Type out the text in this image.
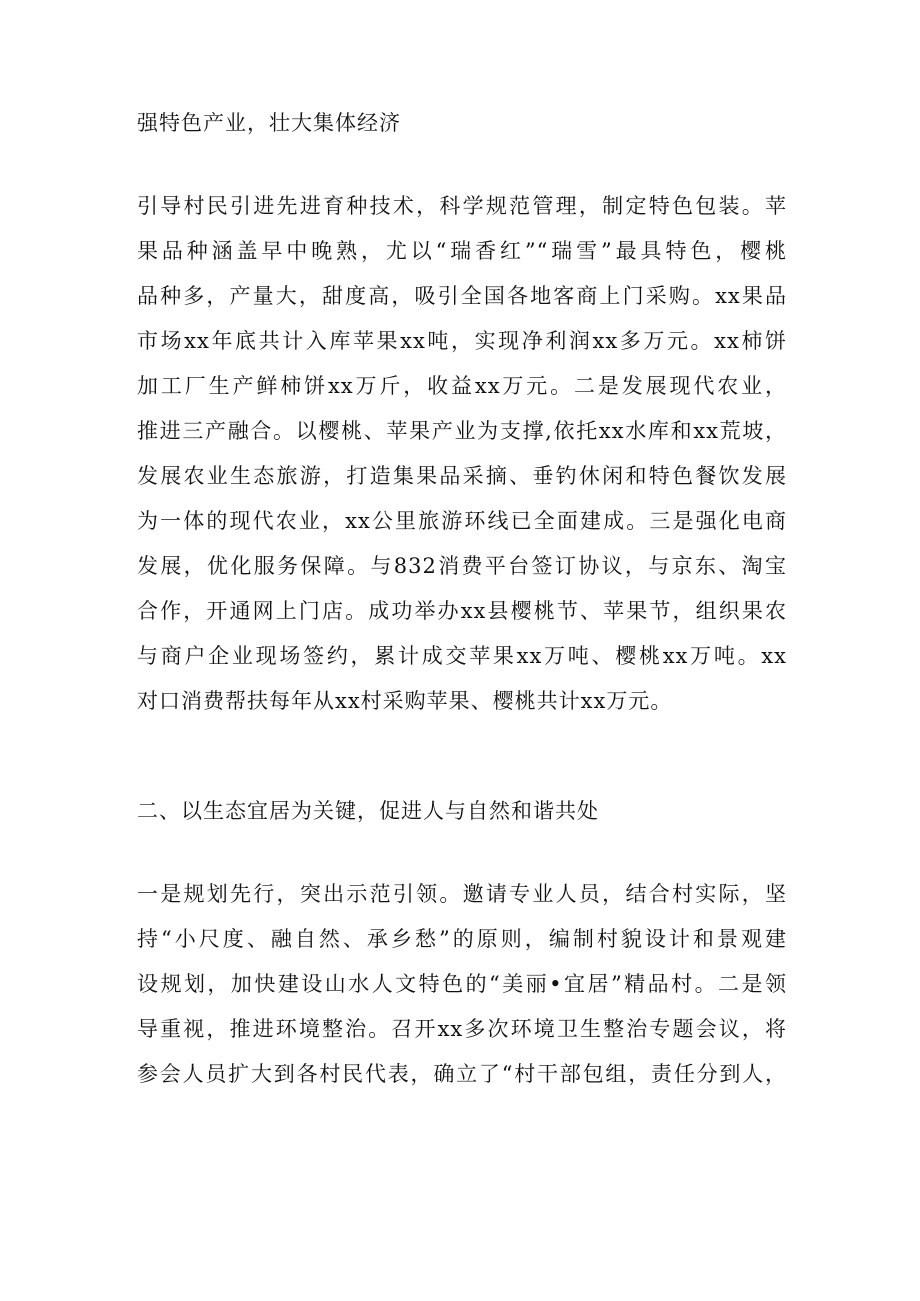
强特色产业，壮大集体经济

引导村民引进先进育种技术，科学规范管理，制定特色包装。苹
果品种涵盖早中晚熟，尤以“瑞香红”“瑞雪”最具特色，樱桃
品种多，产量大，甜度高，吸引全国各地客商上门采购。xx果品
市场xx年底共计入库苹果xx吨，实现净利润xx多万元。xx柿饼
加工厂生产鲜柿饼xx万斤，收益xx万元。二是发展现代农业，
推进三产融合。以樱桃、苹果产业为支撑,依托xx水库和xx荒坡，
发展农业生态旅游，打造集果品采摘、垂钓休闲和特色餐饮发展
为一体的现代农业，xx公里旅游环线已全面建成。三是强化电商
发展，优化服务保障。与832消费平台签订协议，与京东、淘宝
合作，开通网上门店。成功举办xx县樱桃节、苹果节，组织果农
与商户企业现场签约，累计成交苹果xx万吨、樱桃xx万吨。xx
对口消费帮扶每年从xx村采购苹果、樱桃共计xx万元。

二、以生态宜居为关键，促进人与自然和谐共处

一是规划先行，突出示范引领。邀请专业人员，结合村实际，坚
持“小尺度、融自然、承乡愁”的原则，编制村貌设计和景观建
设规划，加快建设山水人文特色的“美丽•宜居”精品村。二是领
导重视，推进环境整治。召开xx多次环境卫生整治专题会议，将
参会人员扩大到各村民代表，确立了“村干部包组，责任分到人，
